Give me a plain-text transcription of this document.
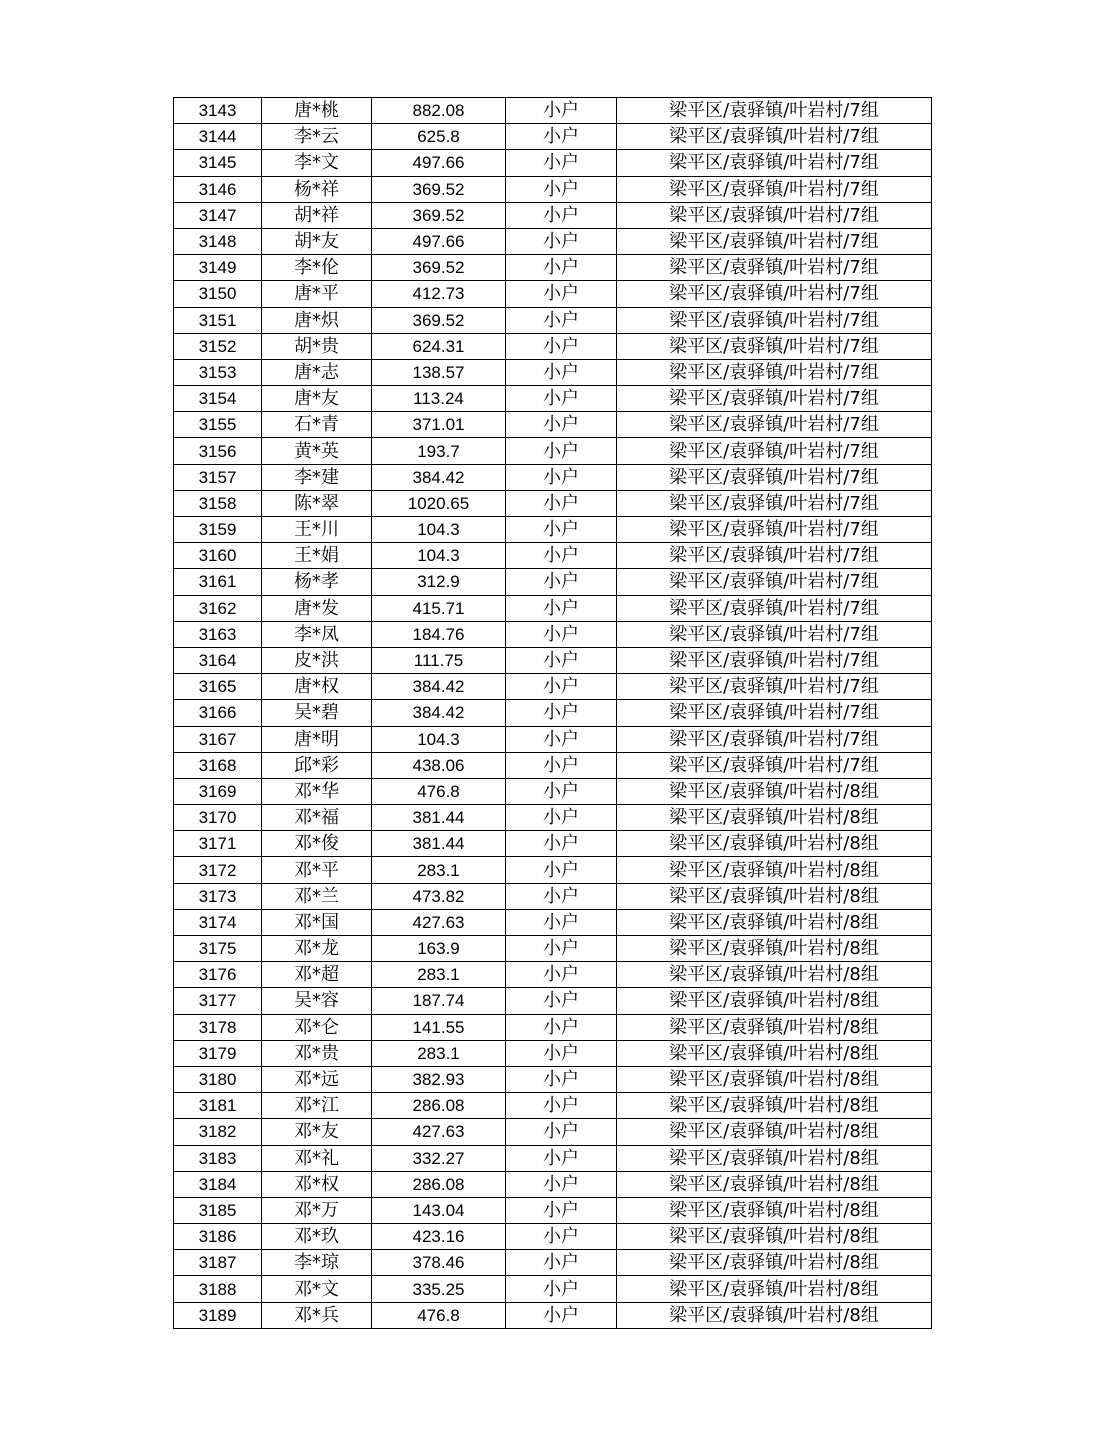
3143	唐*桃	882.08	小户	梁平区/袁驿镇/叶岩村/7组
3144	李*云	625.8	小户	梁平区/袁驿镇/叶岩村/7组
3145	李*文	497.66	小户	梁平区/袁驿镇/叶岩村/7组
3146	杨*祥	369.52	小户	梁平区/袁驿镇/叶岩村/7组
3147	胡*祥	369.52	小户	梁平区/袁驿镇/叶岩村/7组
3148	胡*友	497.66	小户	梁平区/袁驿镇/叶岩村/7组
3149	李*伦	369.52	小户	梁平区/袁驿镇/叶岩村/7组
3150	唐*平	412.73	小户	梁平区/袁驿镇/叶岩村/7组
3151	唐*炽	369.52	小户	梁平区/袁驿镇/叶岩村/7组
3152	胡*贵	624.31	小户	梁平区/袁驿镇/叶岩村/7组
3153	唐*志	138.57	小户	梁平区/袁驿镇/叶岩村/7组
3154	唐*友	113.24	小户	梁平区/袁驿镇/叶岩村/7组
3155	石*青	371.01	小户	梁平区/袁驿镇/叶岩村/7组
3156	黄*英	193.7	小户	梁平区/袁驿镇/叶岩村/7组
3157	李*建	384.42	小户	梁平区/袁驿镇/叶岩村/7组
3158	陈*翠	1020.65	小户	梁平区/袁驿镇/叶岩村/7组
3159	王*川	104.3	小户	梁平区/袁驿镇/叶岩村/7组
3160	王*娟	104.3	小户	梁平区/袁驿镇/叶岩村/7组
3161	杨*孝	312.9	小户	梁平区/袁驿镇/叶岩村/7组
3162	唐*发	415.71	小户	梁平区/袁驿镇/叶岩村/7组
3163	李*凤	184.76	小户	梁平区/袁驿镇/叶岩村/7组
3164	皮*洪	111.75	小户	梁平区/袁驿镇/叶岩村/7组
3165	唐*权	384.42	小户	梁平区/袁驿镇/叶岩村/7组
3166	吴*碧	384.42	小户	梁平区/袁驿镇/叶岩村/7组
3167	唐*明	104.3	小户	梁平区/袁驿镇/叶岩村/7组
3168	邱*彩	438.06	小户	梁平区/袁驿镇/叶岩村/7组
3169	邓*华	476.8	小户	梁平区/袁驿镇/叶岩村/8组
3170	邓*福	381.44	小户	梁平区/袁驿镇/叶岩村/8组
3171	邓*俊	381.44	小户	梁平区/袁驿镇/叶岩村/8组
3172	邓*平	283.1	小户	梁平区/袁驿镇/叶岩村/8组
3173	邓*兰	473.82	小户	梁平区/袁驿镇/叶岩村/8组
3174	邓*国	427.63	小户	梁平区/袁驿镇/叶岩村/8组
3175	邓*龙	163.9	小户	梁平区/袁驿镇/叶岩村/8组
3176	邓*超	283.1	小户	梁平区/袁驿镇/叶岩村/8组
3177	吴*容	187.74	小户	梁平区/袁驿镇/叶岩村/8组
3178	邓*仑	141.55	小户	梁平区/袁驿镇/叶岩村/8组
3179	邓*贵	283.1	小户	梁平区/袁驿镇/叶岩村/8组
3180	邓*远	382.93	小户	梁平区/袁驿镇/叶岩村/8组
3181	邓*江	286.08	小户	梁平区/袁驿镇/叶岩村/8组
3182	邓*友	427.63	小户	梁平区/袁驿镇/叶岩村/8组
3183	邓*礼	332.27	小户	梁平区/袁驿镇/叶岩村/8组
3184	邓*权	286.08	小户	梁平区/袁驿镇/叶岩村/8组
3185	邓*万	143.04	小户	梁平区/袁驿镇/叶岩村/8组
3186	邓*玖	423.16	小户	梁平区/袁驿镇/叶岩村/8组
3187	李*琼	378.46	小户	梁平区/袁驿镇/叶岩村/8组
3188	邓*文	335.25	小户	梁平区/袁驿镇/叶岩村/8组
3189	邓*兵	476.8	小户	梁平区/袁驿镇/叶岩村/8组
